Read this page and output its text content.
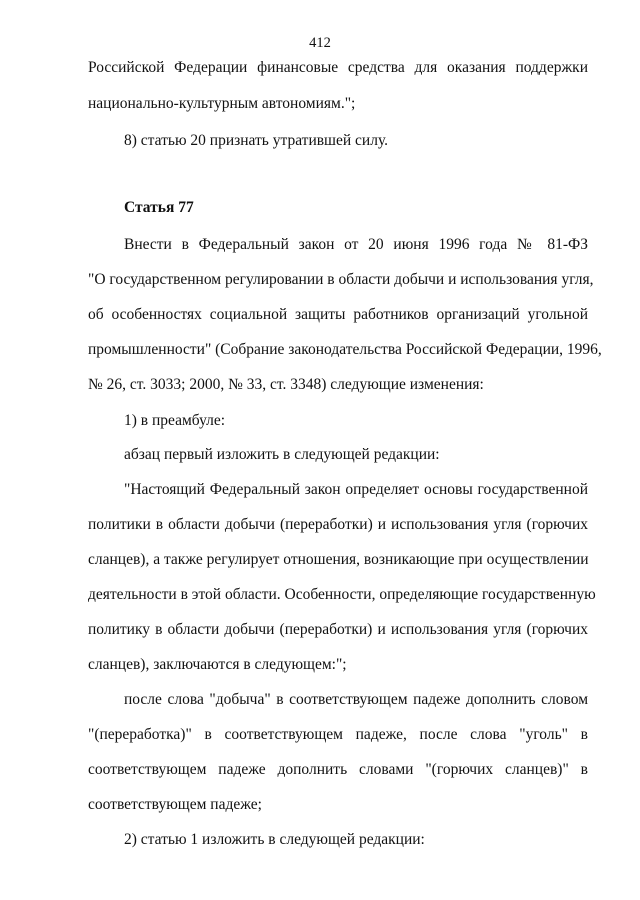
412
Российской Федерации финансовые средства для оказания поддержки
национально-культурным автономиям.";
8) статью 20 признать утратившей силу.
Статья 77
Внести в Федеральный закон от 20 июня 1996 года № 81-ФЗ
"О государственном регулировании в области добычи и использования угля,
об особенностях социальной защиты работников организаций угольной
промышленности" (Собрание законодательства Российской Федерации, 1996,
№ 26, ст. 3033; 2000, № 33, ст. 3348) следующие изменения:
1) в преамбуле:
абзац первый изложить в следующей редакции:
"Настоящий Федеральный закон определяет основы государственной
политики в области добычи (переработки) и использования угля (горючих
сланцев), а также регулирует отношения, возникающие при осуществлении
деятельности в этой области. Особенности, определяющие государственную
политику в области добычи (переработки) и использования угля (горючих
сланцев), заключаются в следующем:";
после слова "добыча" в соответствующем падеже дополнить словом
"(переработка)" в соответствующем падеже, после слова "уголь" в
соответствующем падеже дополнить словами "(горючих сланцев)" в
соответствующем падеже;
2) статью 1 изложить в следующей редакции:
